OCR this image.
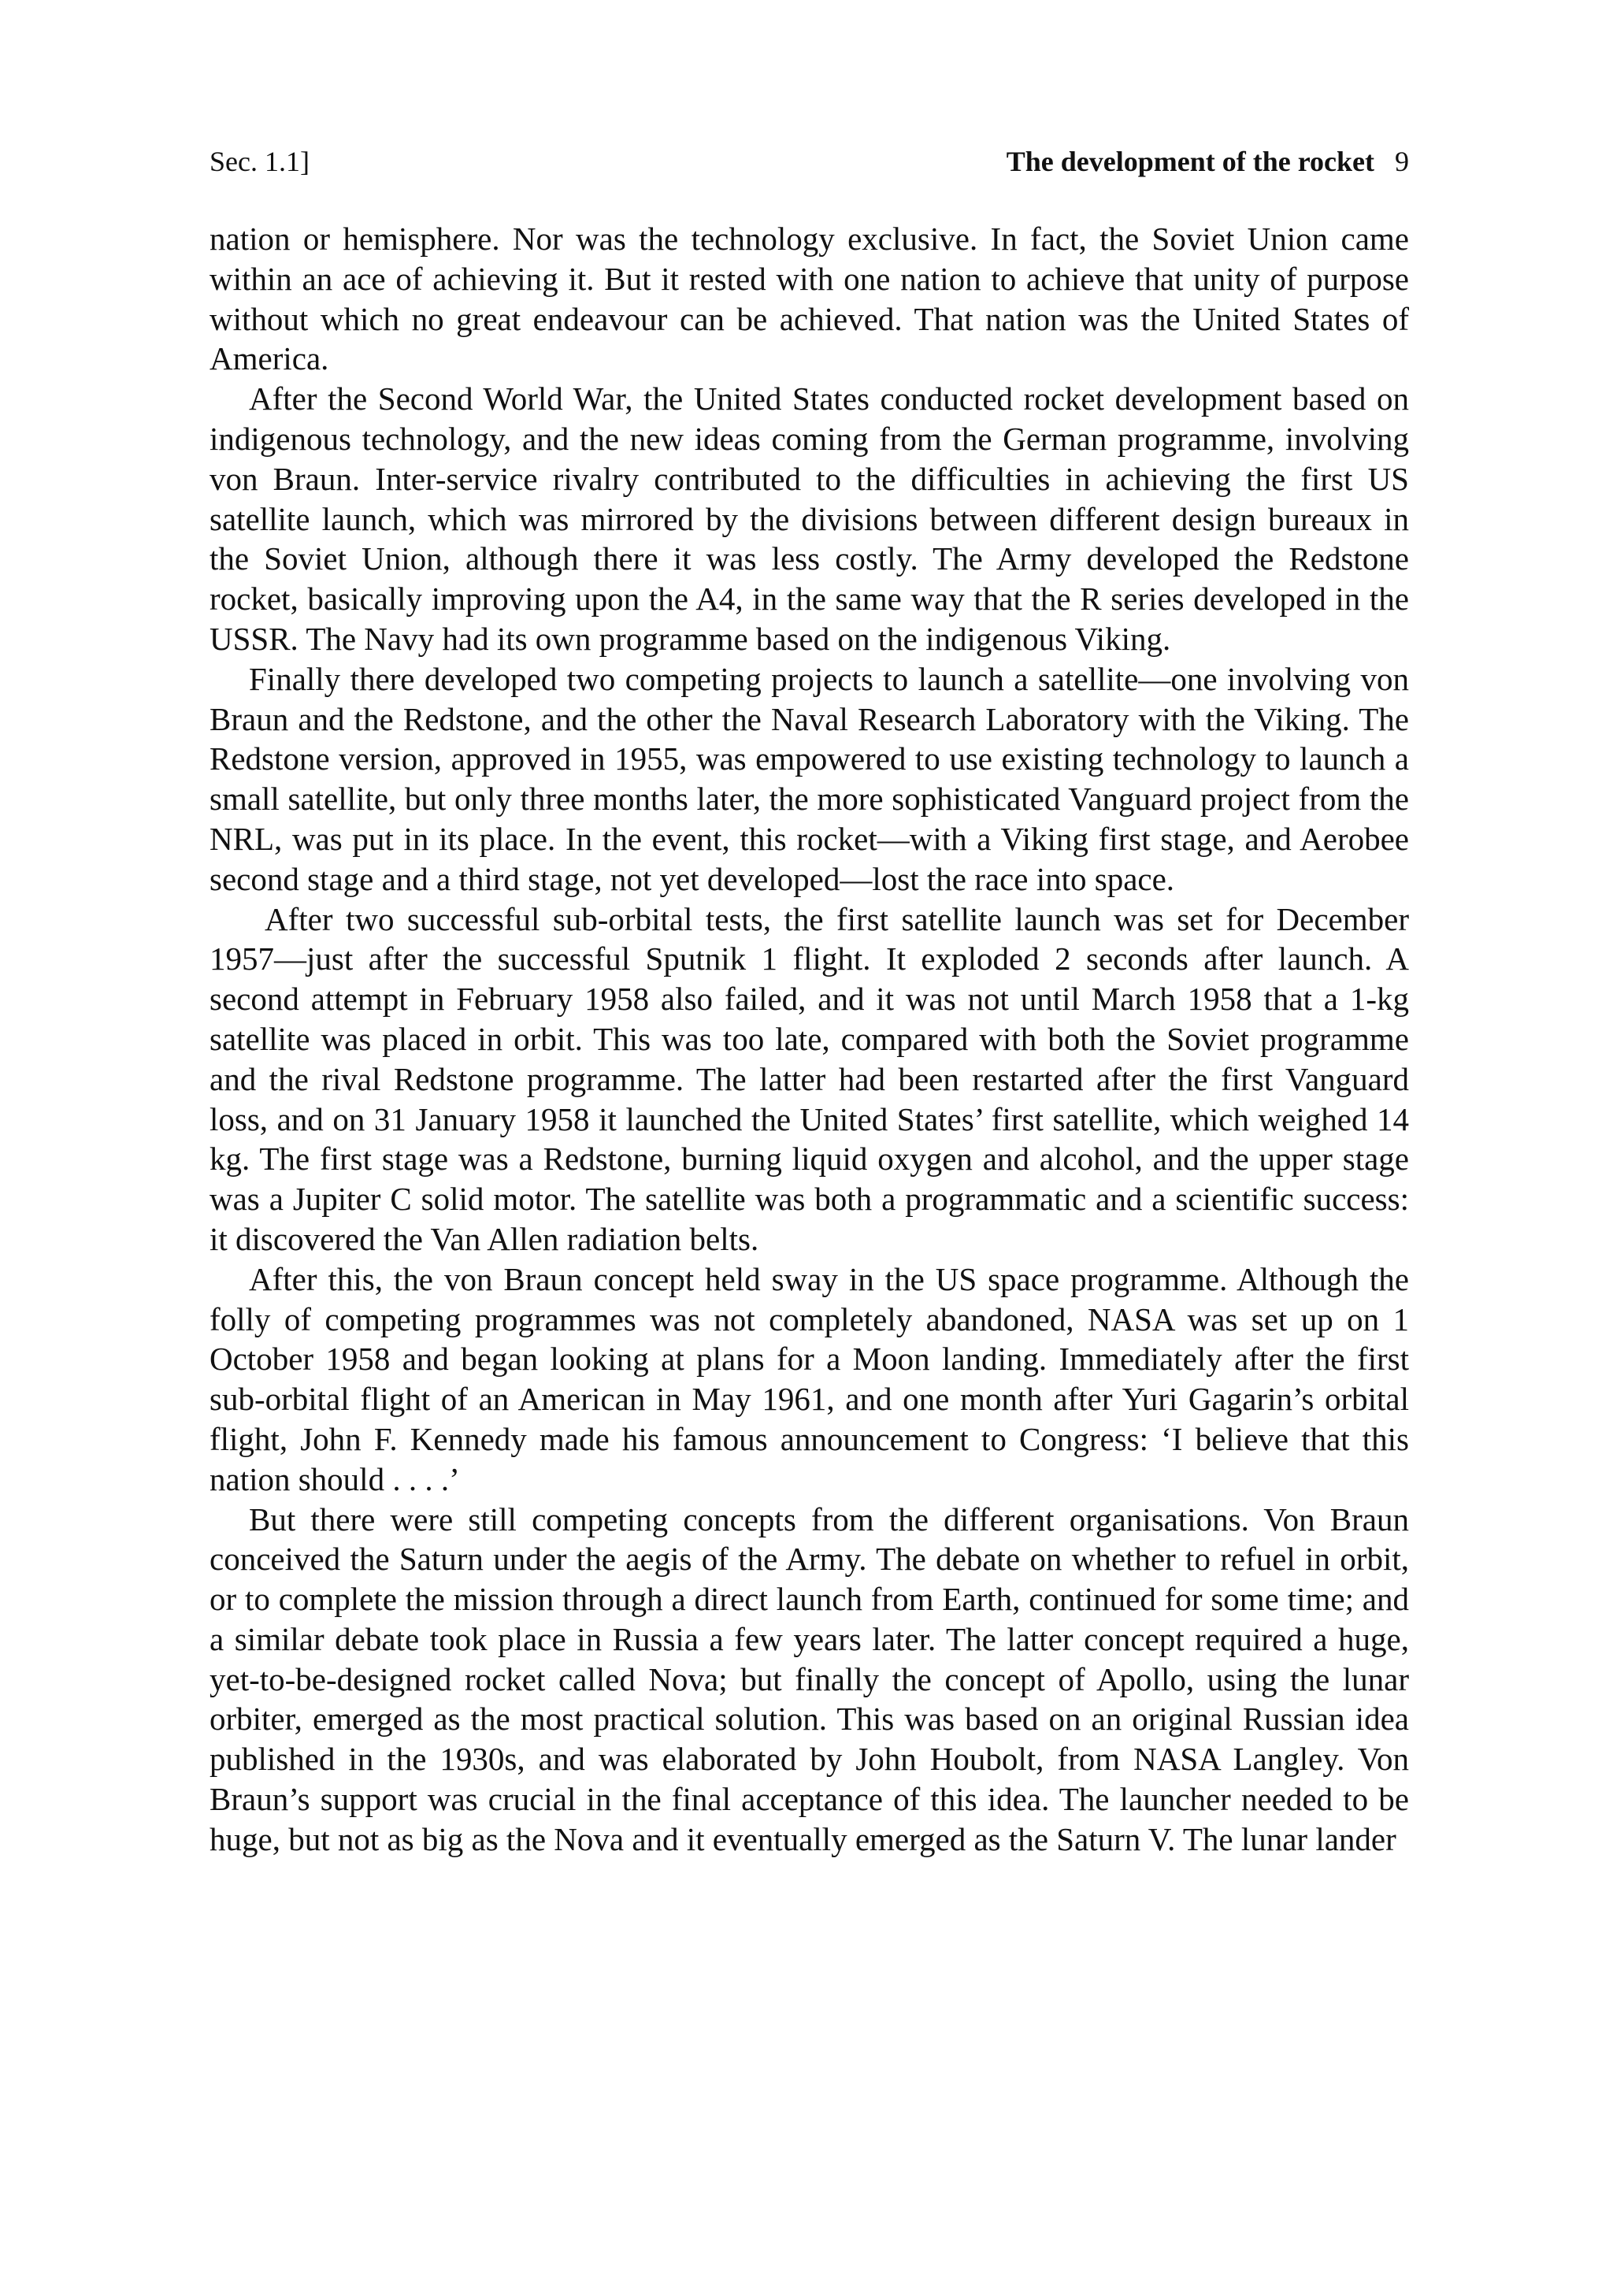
Sec. 1.1]	The development of the rocket 9

nation or hemisphere. Nor was the technology exclusive. In fact, the Soviet Union came within an ace of achieving it. But it rested with one nation to achieve that unity of purpose without which no great endeavour can be achieved. That nation was the United States of America.

After the Second World War, the United States conducted rocket development based on indigenous technology, and the new ideas coming from the German programme, involving von Braun. Inter-service rivalry contributed to the difficulties in achieving the first US satellite launch, which was mirrored by the divisions between different design bureaux in the Soviet Union, although there it was less costly. The Army developed the Redstone rocket, basically improving upon the A4, in the same way that the R series developed in the USSR. The Navy had its own programme based on the indigenous Viking.

Finally there developed two competing projects to launch a satellite—one involving von Braun and the Redstone, and the other the Naval Research Laboratory with the Viking. The Redstone version, approved in 1955, was empowered to use existing technology to launch a small satellite, but only three months later, the more sophisticated Vanguard project from the NRL, was put in its place. In the event, this rocket—with a Viking first stage, and Aerobee second stage and a third stage, not yet developed—lost the race into space.

After two successful sub-orbital tests, the first satellite launch was set for December 1957—just after the successful Sputnik 1 flight. It exploded 2 seconds after launch. A second attempt in February 1958 also failed, and it was not until March 1958 that a 1-kg satellite was placed in orbit. This was too late, compared with both the Soviet programme and the rival Redstone programme. The latter had been restarted after the first Vanguard loss, and on 31 January 1958 it launched the United States’ first satellite, which weighed 14 kg. The first stage was a Redstone, burning liquid oxygen and alcohol, and the upper stage was a Jupiter C solid motor. The satellite was both a programmatic and a scientific success: it discovered the Van Allen radiation belts.

After this, the von Braun concept held sway in the US space programme. Although the folly of competing programmes was not completely abandoned, NASA was set up on 1 October 1958 and began looking at plans for a Moon landing. Immediately after the first sub-orbital flight of an American in May 1961, and one month after Yuri Gagarin’s orbital flight, John F. Kennedy made his famous announcement to Congress: ‘I believe that this nation should . . . .’

But there were still competing concepts from the different organisations. Von Braun conceived the Saturn under the aegis of the Army. The debate on whether to refuel in orbit, or to complete the mission through a direct launch from Earth, continued for some time; and a similar debate took place in Russia a few years later. The latter concept required a huge, yet-to-be-designed rocket called Nova; but finally the concept of Apollo, using the lunar orbiter, emerged as the most practical solution. This was based on an original Russian idea published in the 1930s, and was elaborated by John Houbolt, from NASA Langley. Von Braun’s support was crucial in the final acceptance of this idea. The launcher needed to be huge, but not as big as the Nova and it eventually emerged as the Saturn V. The lunar lander
